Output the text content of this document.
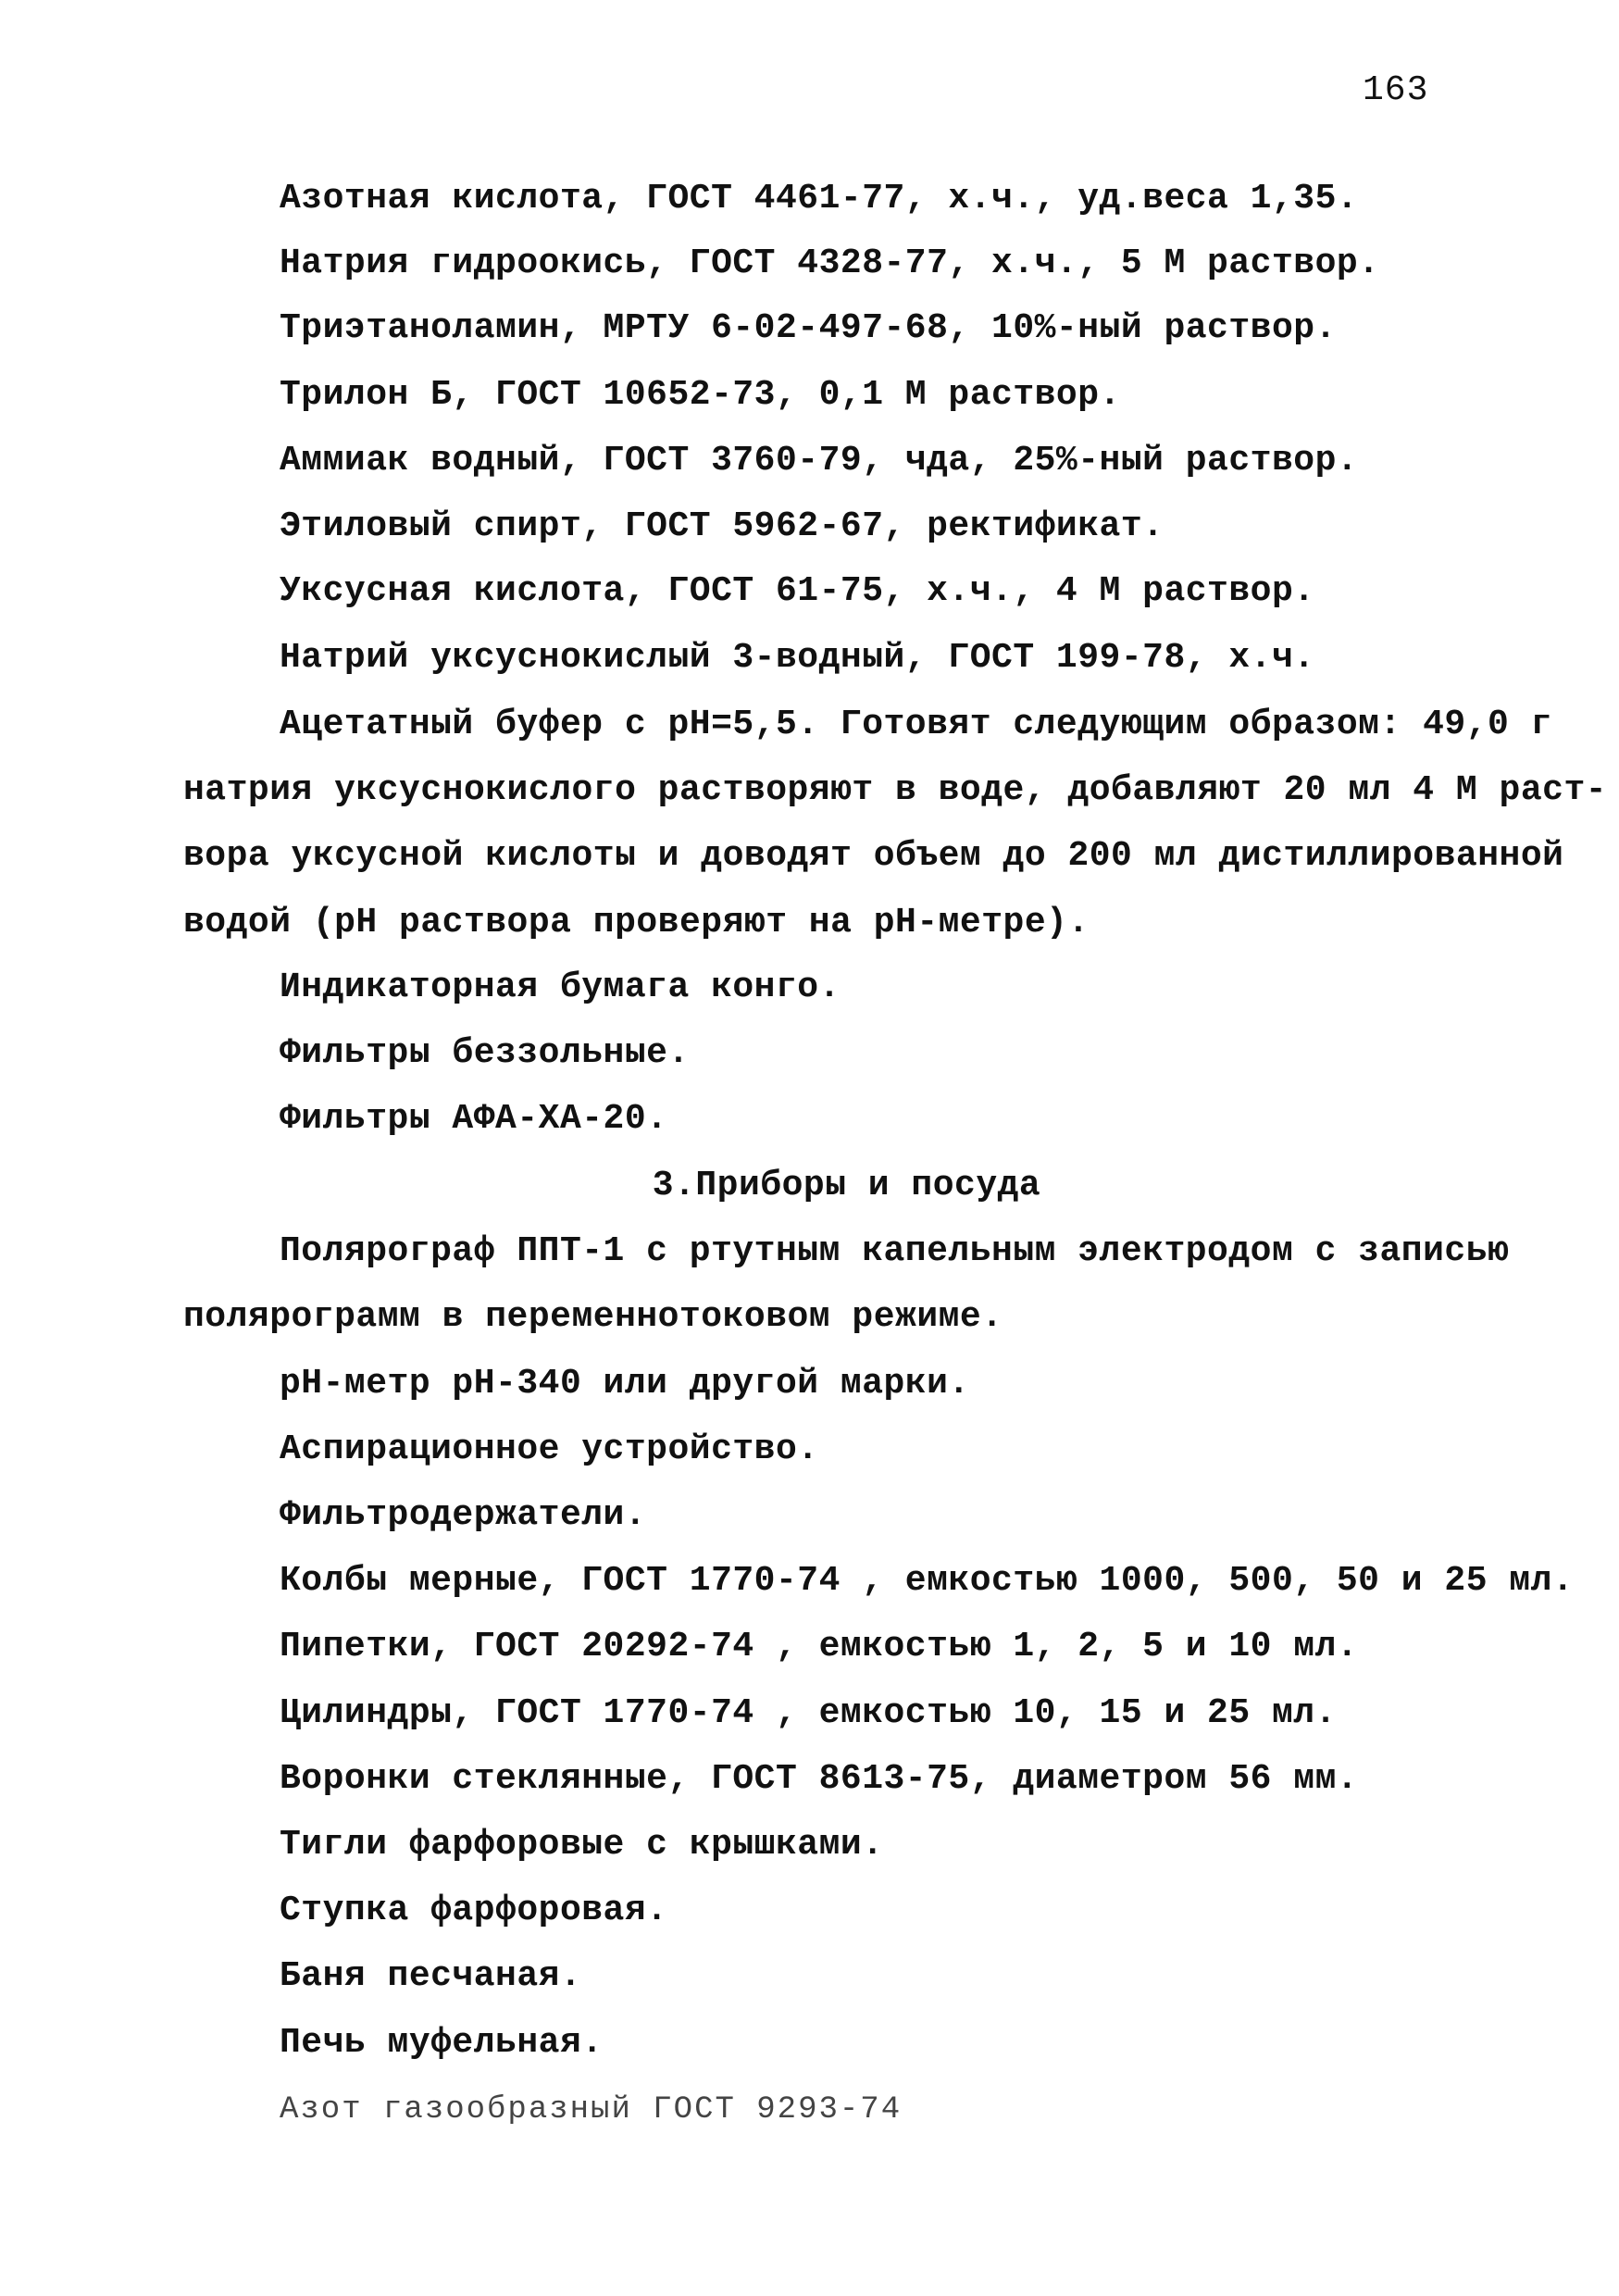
163
Азотная кислота, ГОСТ 4461-77, х.ч., уд.веса 1,35.
Натрия гидроокись, ГОСТ 4328-77, х.ч., 5 М раствор.
Триэтаноламин, МРТУ 6-02-497-68, 10%-ный раствор.
Трилон Б, ГОСТ 10652-73, 0,1 М раствор.
Аммиак водный, ГОСТ 3760-79, чда, 25%-ный раствор.
Этиловый спирт, ГОСТ 5962-67, ректификат.
Уксусная кислота, ГОСТ 61-75, х.ч., 4 М раствор.
Натрий уксуснокислый 3-водный, ГОСТ 199-78, х.ч.
Ацетатный буфер с рН=5,5. Готовят следующим образом: 49,0 г
натрия уксуснокислого растворяют в воде, добавляют 20 мл 4 М раст-
вора уксусной кислоты и доводят объем до 200 мл дистиллированной
водой (рН раствора проверяют на рН-метре).
Индикаторная бумага конго.
Фильтры беззольные.
Фильтры АФА-ХА-20.
3.Приборы и посуда
Полярограф ППТ-1 с ртутным капельным электродом с записью
полярограмм в переменнотоковом режиме.
рН-метр рН-340 или другой марки.
Аспирационное устройство.
Фильтродержатели.
Колбы мерные, ГОСТ 1770-74 , емкостью 1000, 500, 50 и 25 мл.
Пипетки, ГОСТ 20292-74 , емкостью 1, 2, 5 и 10 мл.
Цилиндры, ГОСТ 1770-74 , емкостью 10, 15 и 25 мл.
Воронки стеклянные, ГОСТ 8613-75, диаметром 56 мм.
Тигли фарфоровые с крышками.
Ступка фарфоровая.
Баня песчаная.
Печь муфельная.
Азот газообразный ГОСТ 9293-74
